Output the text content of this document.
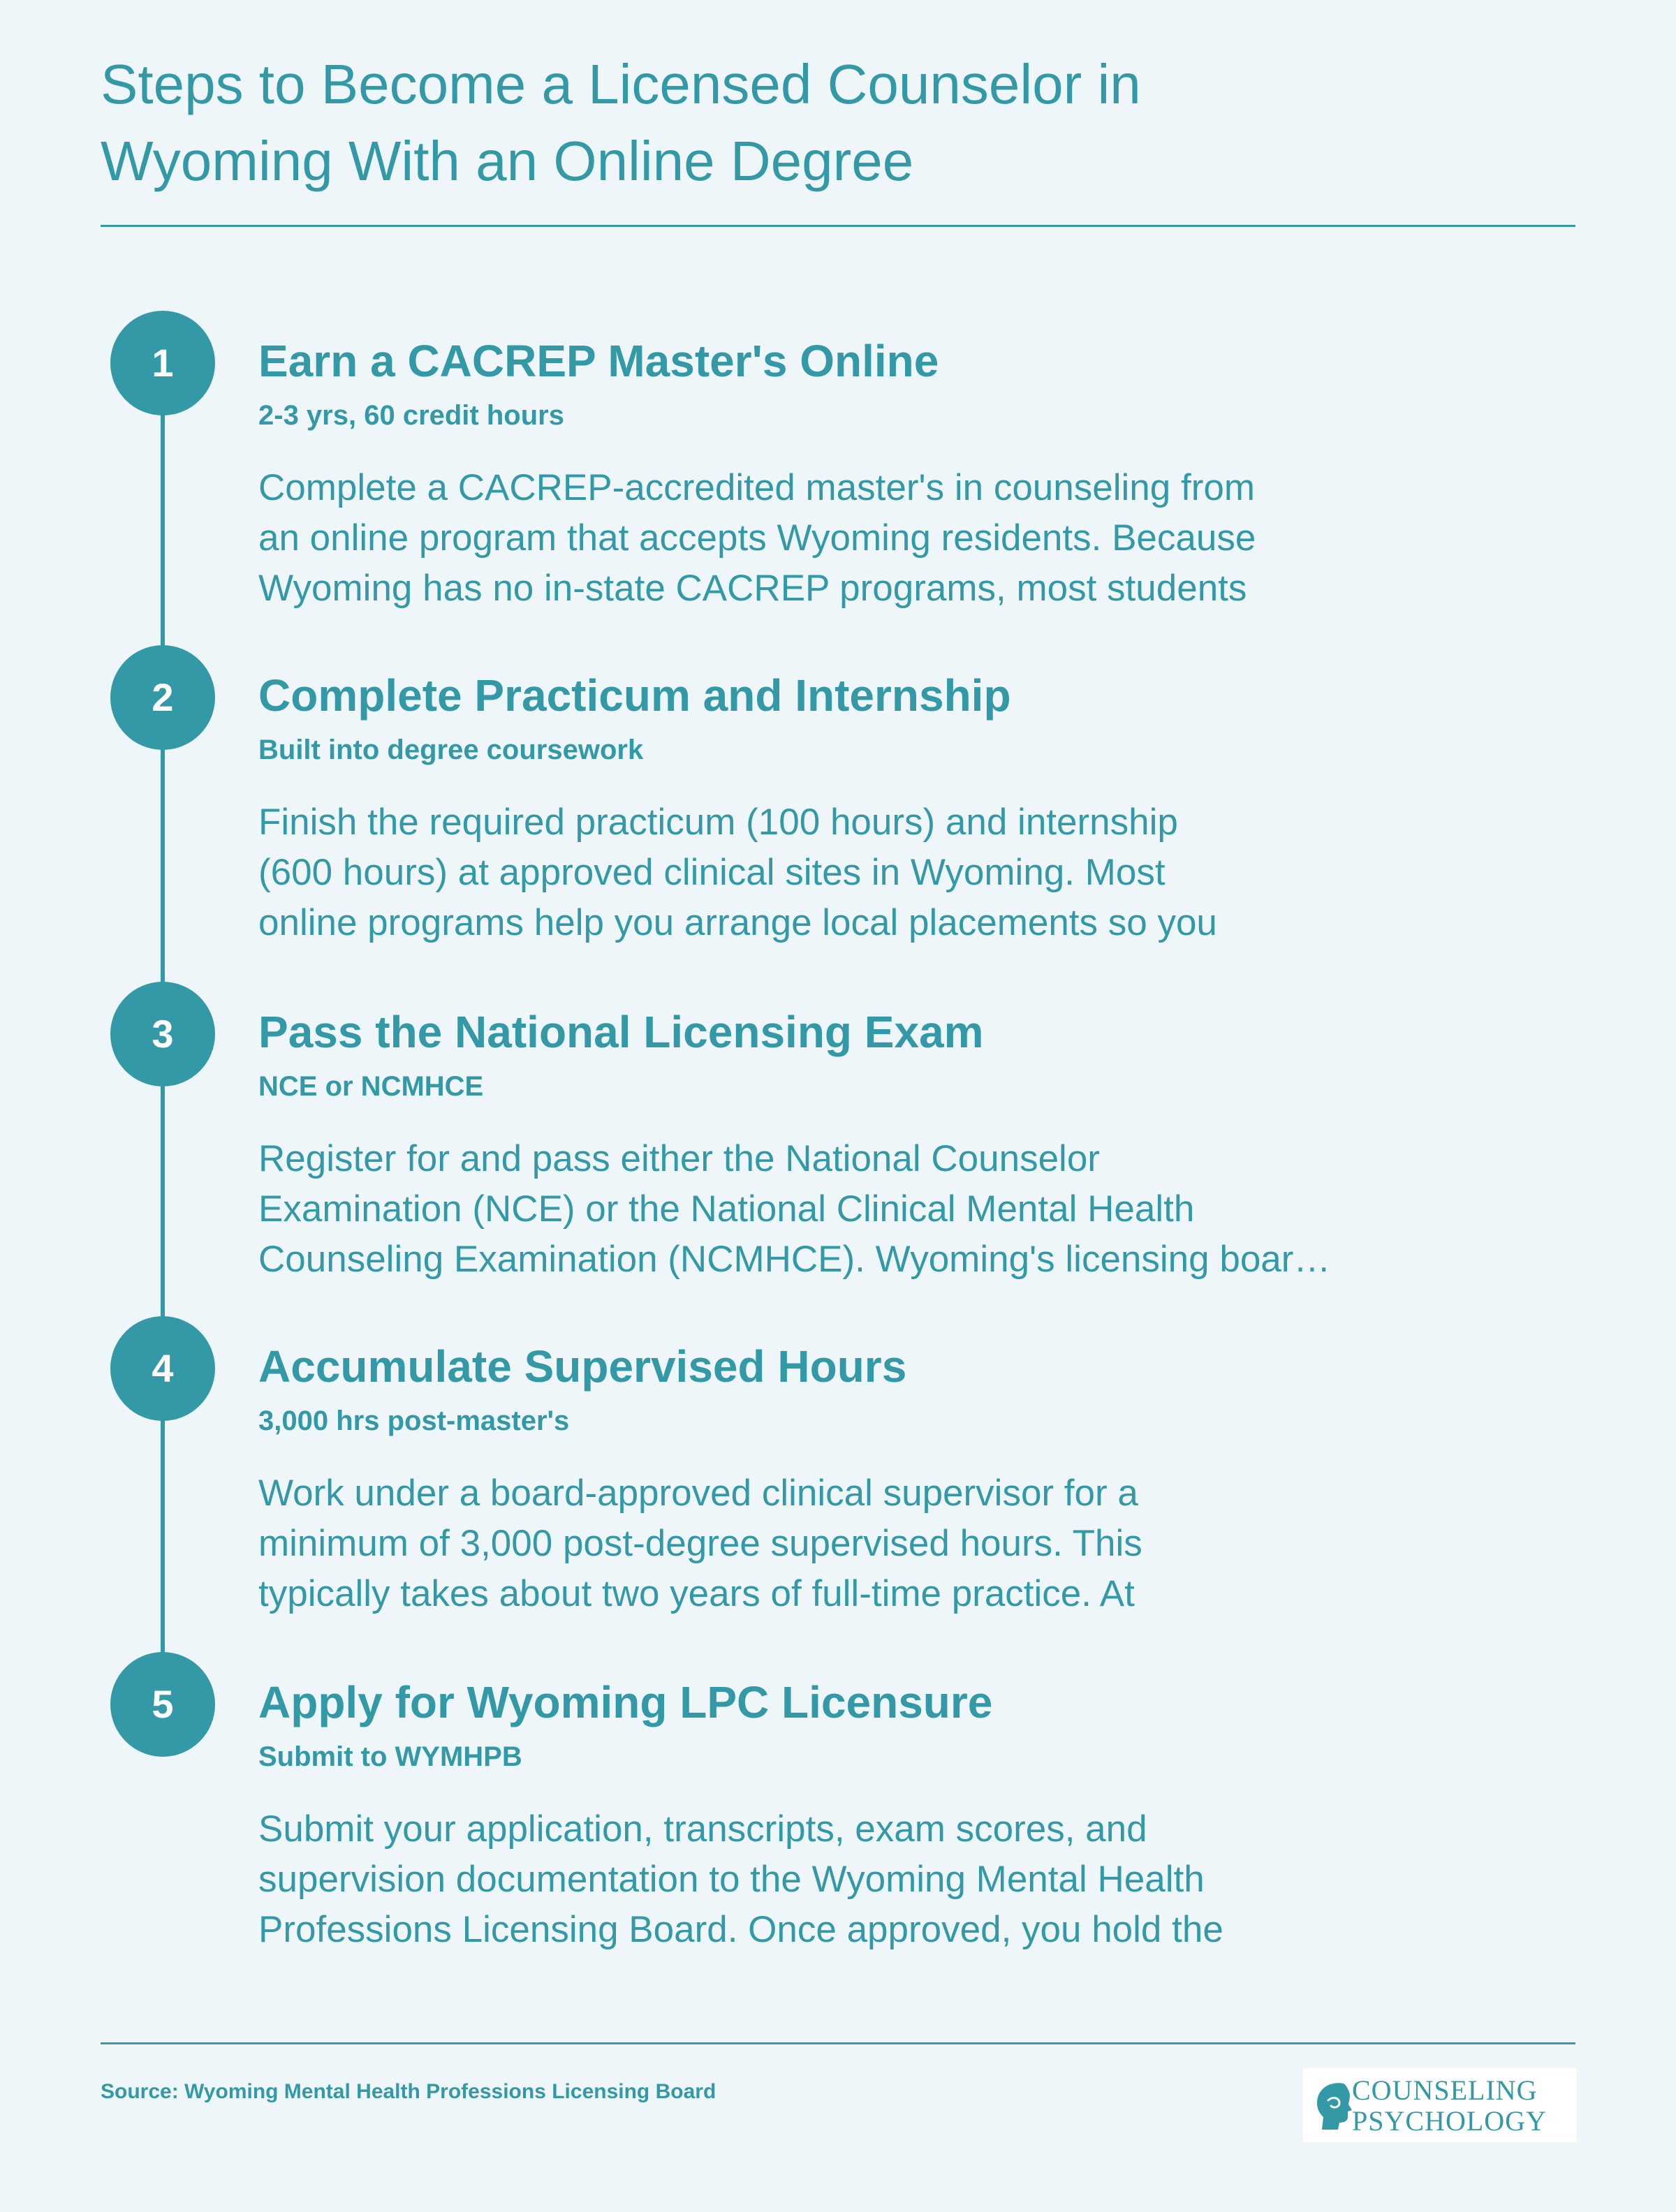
Steps to Become a Licensed Counselor in
Wyoming With an Online Degree
1	Earn a CACREP Master's Online
2-3 yrs, 60 credit hours
Complete a CACREP-accredited master's in counseling from
an online program that accepts Wyoming residents. Because
Wyoming has no in-state CACREP programs, most students
2	Complete Practicum and Internship
Built into degree coursework
Finish the required practicum (100 hours) and internship
(600 hours) at approved clinical sites in Wyoming. Most
online programs help you arrange local placements so you
3	Pass the National Licensing Exam
NCE or NCMHCE
Register for and pass either the National Counselor
Examination (NCE) or the National Clinical Mental Health
Counseling Examination (NCMHCE). Wyoming's licensing boar…
4	Accumulate Supervised Hours
3,000 hrs post-master's
Work under a board-approved clinical supervisor for a
minimum of 3,000 post-degree supervised hours. This
typically takes about two years of full-time practice. At
5	Apply for Wyoming LPC Licensure
Submit to WYMHPB
Submit your application, transcripts, exam scores, and
supervision documentation to the Wyoming Mental Health
Professions Licensing Board. Once approved, you hold the
Source: Wyoming Mental Health Professions Licensing Board	COUNSELING
PSYCHOLOGY
